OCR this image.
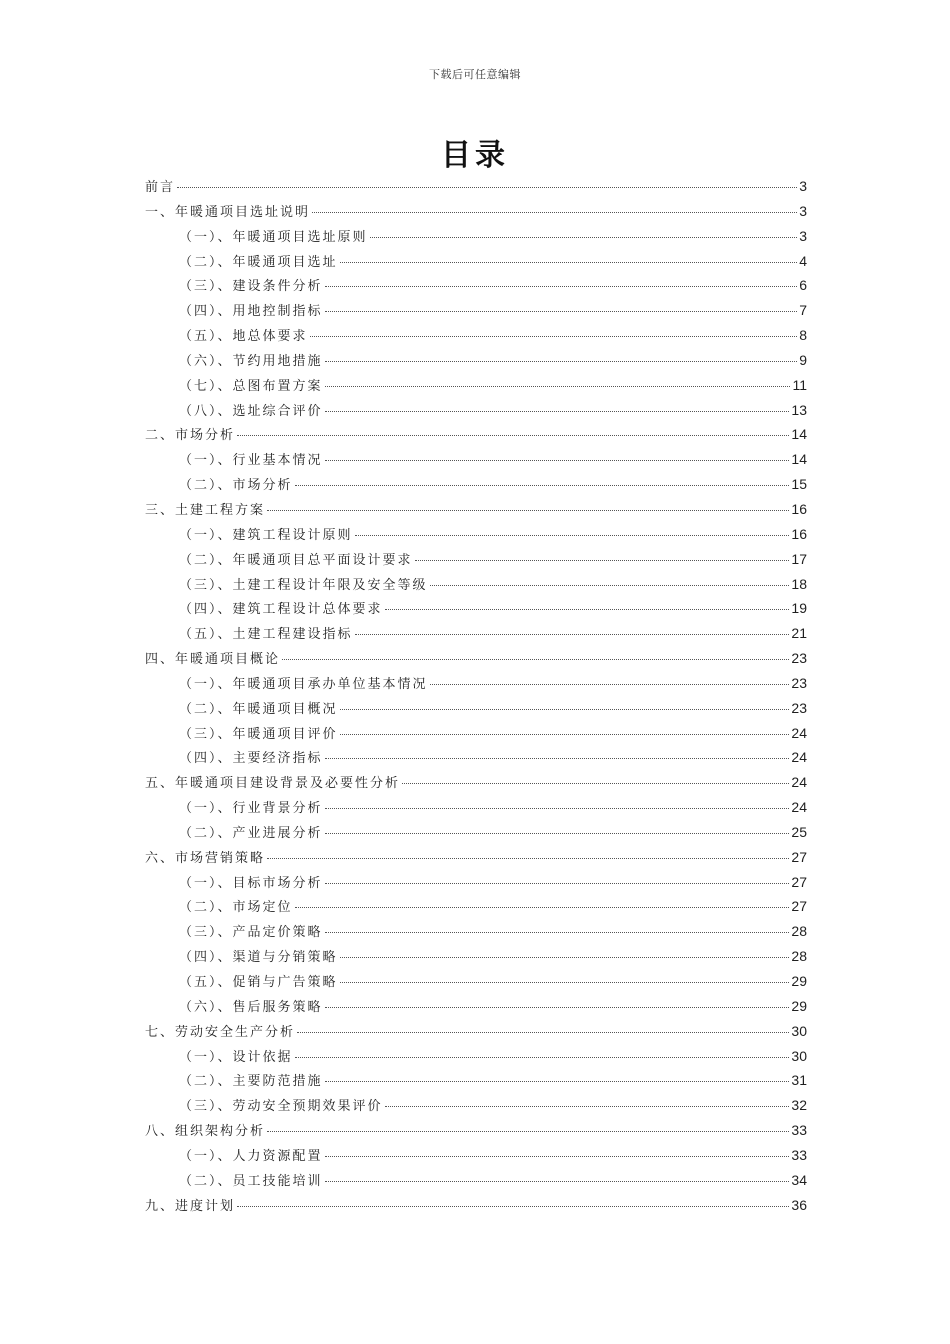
下载后可任意编辑
目录
前言	3
一、年暖通项目选址说明	3
（一）、年暖通项目选址原则	3
（二）、年暖通项目选址	4
（三）、建设条件分析	6
（四）、用地控制指标	7
（五）、地总体要求	8
（六）、节约用地措施	9
（七）、总图布置方案	11
（八）、选址综合评价	13
二、市场分析	14
（一）、行业基本情况	14
（二）、市场分析	15
三、土建工程方案	16
（一）、建筑工程设计原则	16
（二）、年暖通项目总平面设计要求	17
（三）、土建工程设计年限及安全等级	18
（四）、建筑工程设计总体要求	19
（五）、土建工程建设指标	21
四、年暖通项目概论	23
（一）、年暖通项目承办单位基本情况	23
（二）、年暖通项目概况	23
（三）、年暖通项目评价	24
（四）、主要经济指标	24
五、年暖通项目建设背景及必要性分析	24
（一）、行业背景分析	24
（二）、产业进展分析	25
六、市场营销策略	27
（一）、目标市场分析	27
（二）、市场定位	27
（三）、产品定价策略	28
（四）、渠道与分销策略	28
（五）、促销与广告策略	29
（六）、售后服务策略	29
七、劳动安全生产分析	30
（一）、设计依据	30
（二）、主要防范措施	31
（三）、劳动安全预期效果评价	32
八、组织架构分析	33
（一）、人力资源配置	33
（二）、员工技能培训	34
九、进度计划	36
